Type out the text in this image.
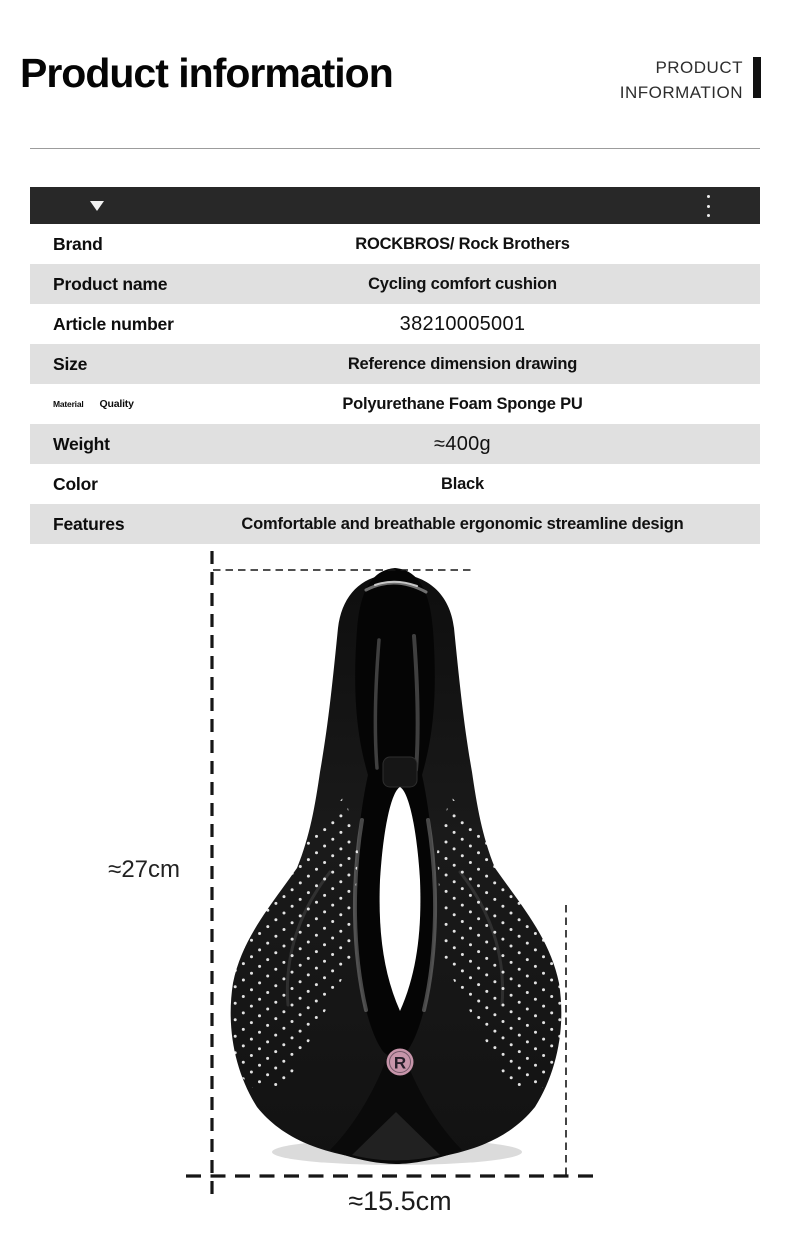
Product information	PRODUCT
INFORMATION
Brand	ROCKBROS/ Rock Brothers
Product name	Cycling comfort cushion
Article number	38210005001
Size	Reference dimension drawing
Material Quality	Polyurethane Foam Sponge PU
Weight	≈400g
Color	Black
Features	Comfortable and breathable ergonomic streamline design
R
≈27cm
≈15.5cm
